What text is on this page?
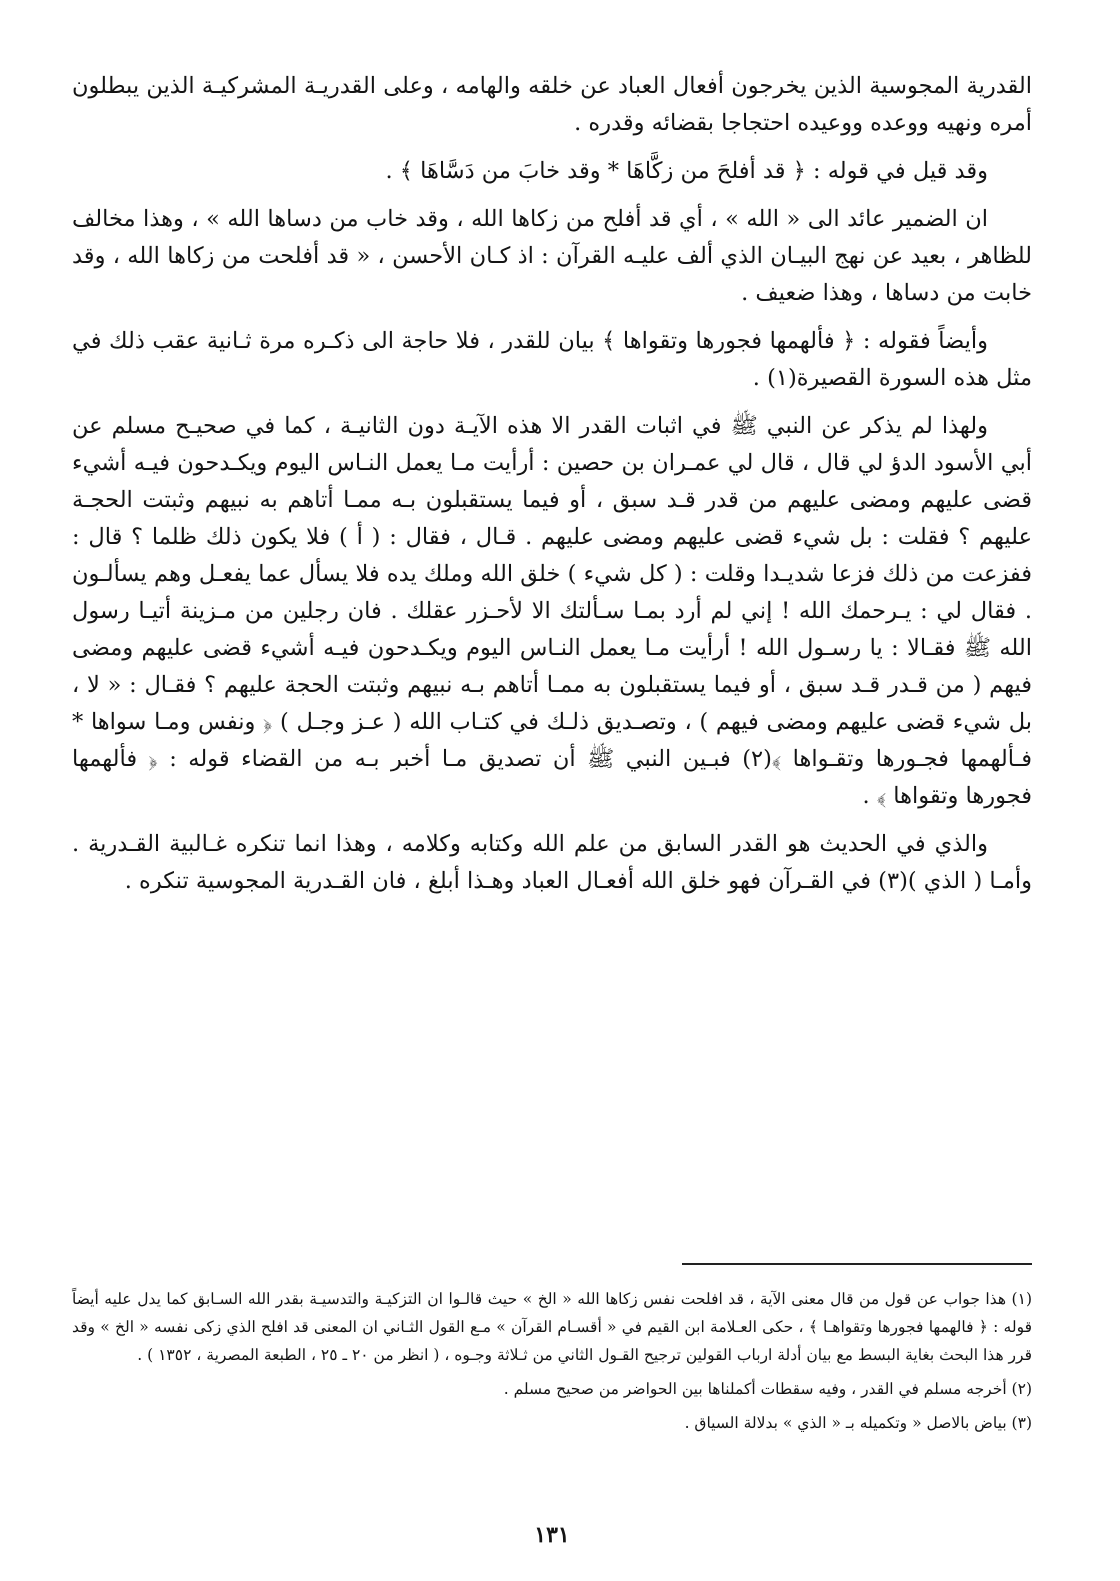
القدرية المجوسية الذين يخرجون أفعال العباد عن خلقه والهامه ، وعلى القدريـة المشركيـة الذين يبطلون أمره ونهيه ووعده ووعيده احتجاجا بقضائه وقدره .

وقد قيل في قوله : ﴿ قد أفلحَ من زكَّاهَا * وقد خابَ من دَسَّاهَا ﴾ .

ان الضمير عائد الى « الله » ، أي قد أفلح من زكاها الله ، وقد خاب من دساها الله » ، وهذا مخالف للظاهر ، بعيد عن نهج البيـان الذي ألف عليـه القرآن : اذ كـان الأحسن ، « قد أفلحت من زكاها الله ، وقد خابت من دساها ، وهذا ضعيف .

وأيضاً فقوله : ﴿ فألهمها فجورها وتقواها ﴾ بيان للقدر ، فلا حاجة الى ذكـره مرة ثـانية عقب ذلك في مثل هذه السورة القصيرة(١) .

ولهذا لم يذكر عن النبي ﷺ في اثبات القدر الا هذه الآيـة دون الثانيـة ، كما في صحيـح مسلم عن أبي الأسود الدؤ لي قال ، قال لي عمـران بن حصين : أرأيت مـا يعمل النـاس اليوم ويكـدحون فيـه أشيء قضى عليهم ومضى عليهم من قدر قـد سبق ، أو فيما يستقبلون بـه ممـا أتاهم به نبيهم وثبتت الحجـة عليهم ؟ فقلت : بل شيء قضى عليهم ومضى عليهم . قـال ، فقال : ( أ ) فلا يكون ذلك ظلما ؟ قال : ففزعت من ذلك فزعا شديـدا وقلت : ( كل شيء ) خلق الله وملك يده فلا يسأل عما يفعـل وهم يسألـون . فقال لي : يـرحمك الله ! إني لم أرد بمـا سـألتك الا لأحـزر عقلك . فان رجلين من مـزينة أتيـا رسول الله ﷺ فقـالا : يا رسـول الله ! أرأيت مـا يعمل النـاس اليوم ويكـدحون فيـه أشيء قضى عليهم ومضى فيهم ( من قـدر قـد سبق ، أو فيما يستقبلون به ممـا أتاهم بـه نبيهم وثبتت الحجة عليهم ؟ فقـال : « لا ، بل شيء قضى عليهم ومضى فيهم ) ، وتصـديق ذلـك في كتـاب الله ( عـز وجـل ) ﴿ ونفس ومـا سواها * فـألهمها فجـورها وتقـواها ﴾(٢) فبـين النبي ﷺ أن تصديق مـا أخبر بـه من القضاء قوله : ﴿ فألهمها فجورها وتقواها ﴾ .

والذي في الحديث هو القدر السابق من علم الله وكتابه وكلامه ، وهذا انما تنكره غـالبية القـدرية . وأمـا ( الذي )(٣) في القـرآن فهو خلق الله أفعـال العباد وهـذا أبلغ ، فان القـدرية المجوسية تنكره .

(١) هذا جواب عن قول من قال معنى الآية ، قد افلحت نفس زكاها الله « الخ » حيث قالـوا ان التزكيـة والتدسيـة بقدر الله السـابق كما يدل عليه أيضاً قوله : ﴿ فالهمها فجورها وتقواهـا ﴾ ، حكى العـلامة ابن القيم في « أقسـام القرآن » مـع القول الثـاني ان المعنى قد افلح الذي زكى نفسه « الخ » وقد قرر هذا البحث بغاية البسط مع بيان أدلة ارباب القولين ترجيح القـول الثاني من ثـلاثة وجـوه ، ( انظر من ٢٠ ـ ٢٥ ، الطبعة المصرية ، ١٣٥٢ ) .

(٢) أخرجه مسلم في القدر ، وفيه سقطات أكملناها بين الحواضر من صحيح مسلم .

(٣) بياض بالاصل « وتكميله بـ « الذي » بدلالة السياق .

١٣١
